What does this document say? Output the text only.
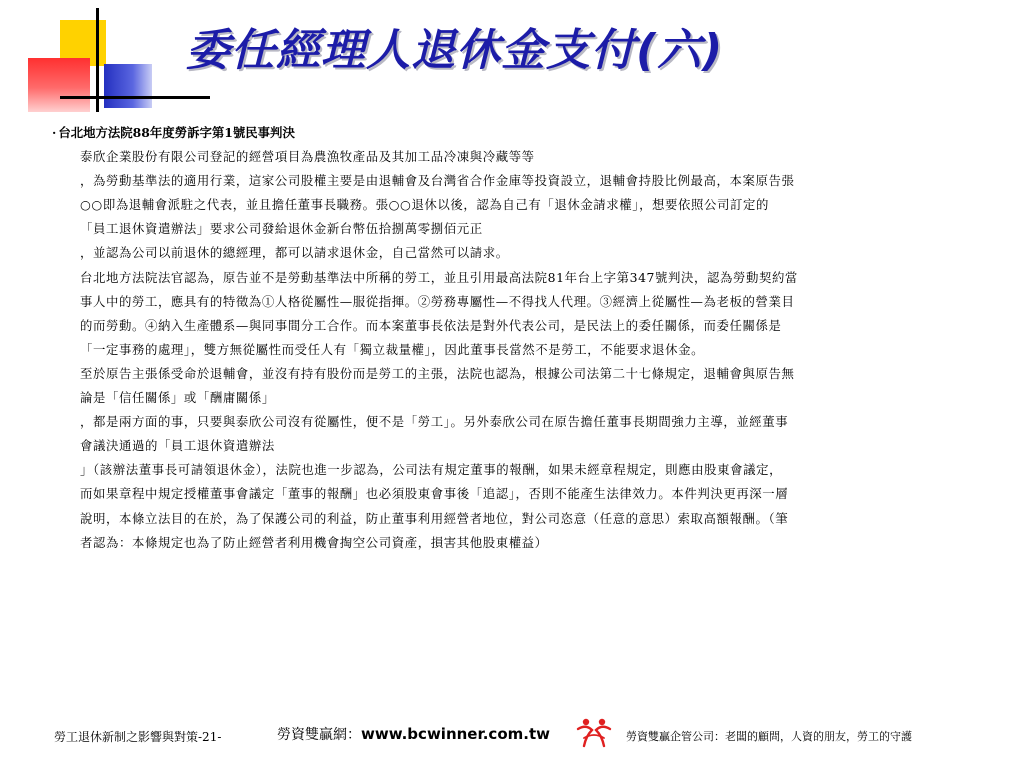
委任經理人退休金支付(六)

· 台北地方法院88年度勞訴字第1號民事判決

泰欣企業股份有限公司登記的經營項目為農漁牧產品及其加工品冷凍與冷藏等等

，為勞動基準法的適用行業，這家公司股權主要是由退輔會及台灣省合作金庫等投資設立，退輔會持股比例最高，本案原告張

○○即為退輔會派駐之代表，並且擔任董事長職務。張○○退休以後，認為自己有「退休金請求權」，想要依照公司訂定的

「員工退休資遣辦法」要求公司發給退休金新台幣伍拾捌萬零捌佰元正

，並認為公司以前退休的總經理，都可以請求退休金，自己當然可以請求。

台北地方法院法官認為，原告並不是勞動基準法中所稱的勞工，並且引用最高法院81年台上字第347號判決，認為勞動契約當

事人中的勞工，應具有的特徵為①人格從屬性—服從指揮。②勞務專屬性—不得找人代理。③經濟上從屬性—為老板的營業目

的而勞動。④納入生產體系—與同事間分工合作。而本案董事長依法是對外代表公司，是民法上的委任關係，而委任關係是

「一定事務的處理」，雙方無從屬性而受任人有「獨立裁量權」，因此董事長當然不是勞工，不能要求退休金。

至於原告主張係受命於退輔會，並沒有持有股份而是勞工的主張，法院也認為，根據公司法第二十七條規定，退輔會與原告無

論是「信任關係」或「酬庸關係」

，都是兩方面的事，只要與泰欣公司沒有從屬性，便不是「勞工」。另外泰欣公司在原告擔任董事長期間強力主導，並經董事

會議決通過的「員工退休資遣辦法

」（該辦法董事長可請領退休金），法院也進一步認為，公司法有規定董事的報酬，如果未經章程規定，則應由股東會議定，

而如果章程中規定授權董事會議定「董事的報酬」也必須股東會事後「追認」，否則不能產生法律效力。本件判決更再深一層

說明，本條立法目的在於，為了保護公司的利益，防止董事利用經營者地位，對公司恣意（任意的意思）索取高額報酬。（筆

者認為：本條規定也為了防止經營者利用機會掏空公司資產，損害其他股東權益）

勞工退休新制之影響與對策-21-	勞資雙贏網：www.bcwinner.com.tw	勞資雙贏企管公司：老闆的顧問，人資的朋友，勞工的守護
